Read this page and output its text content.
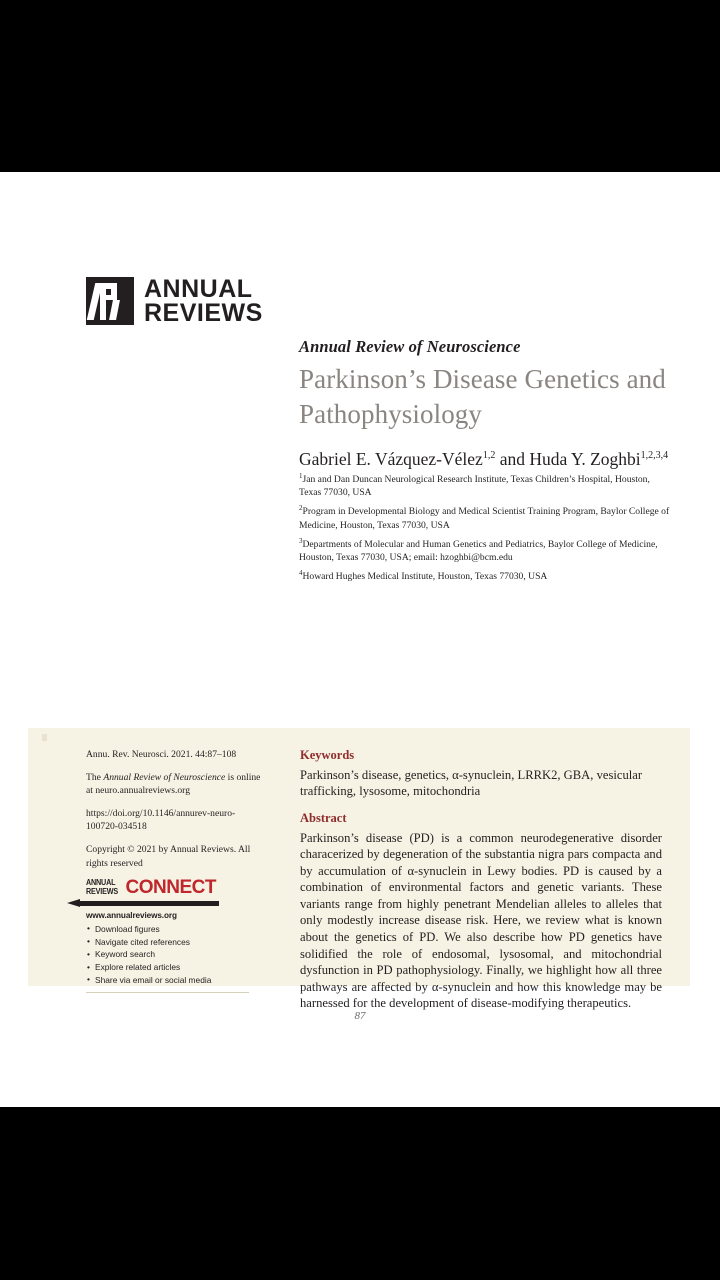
ANNUAL
REVIEWS
Annual Review of Neuroscience
Parkinson’s Disease Genetics and Pathophysiology
Gabriel E. Vázquez-Vélez$^{1,2}$ and Huda Y. Zoghbi$^{1,2,3,4}$
$^1$Jan and Dan Duncan Neurological Research Institute, Texas Children’s Hospital, Houston, Texas 77030, USA
$^2$Program in Developmental Biology and Medical Scientist Training Program, Baylor College of Medicine, Houston, Texas 77030, USA
$^3$Departments of Molecular and Human Genetics and Pediatrics, Baylor College of Medicine, Houston, Texas 77030, USA; email: hzoghbi@bcm.edu
$^4$Howard Hughes Medical Institute, Houston, Texas 77030, USA
Annu. Rev. Neurosci. 2021. 44:87–108
The Annual Review of Neuroscience is online at neuro.annualreviews.org
https://doi.org/10.1146/annurev-neuro-100720-034518
Copyright © 2021 by Annual Reviews. All rights reserved
ANNUAL
REVIEWS CONNECT
www.annualreviews.org
• Download figures
• Navigate cited references
• Keyword search
• Explore related articles
• Share via email or social media
Keywords
Parkinson’s disease, genetics, α-synuclein, LRRK2, GBA, vesicular trafficking, lysosome, mitochondria
Abstract

Parkinson’s disease (PD) is a common neurodegenerative disorder characerized by degeneration of the substantia nigra pars compacta and by accumulation of α-synuclein in Lewy bodies. PD is caused by a combination of environmental factors and genetic variants. These variants range from highly penetrant Mendelian alleles to alleles that only modestly increase disease risk. Here, we review what is known about the genetics of PD. We also describe how PD genetics have solidified the role of endosomal, lysosomal, and mitochondrial dysfunction in PD pathophysiology. Finally, we highlight how all three pathways are affected by α-synuclein and how this knowledge may be harnessed for the development of disease-modifying therapeutics.

87
